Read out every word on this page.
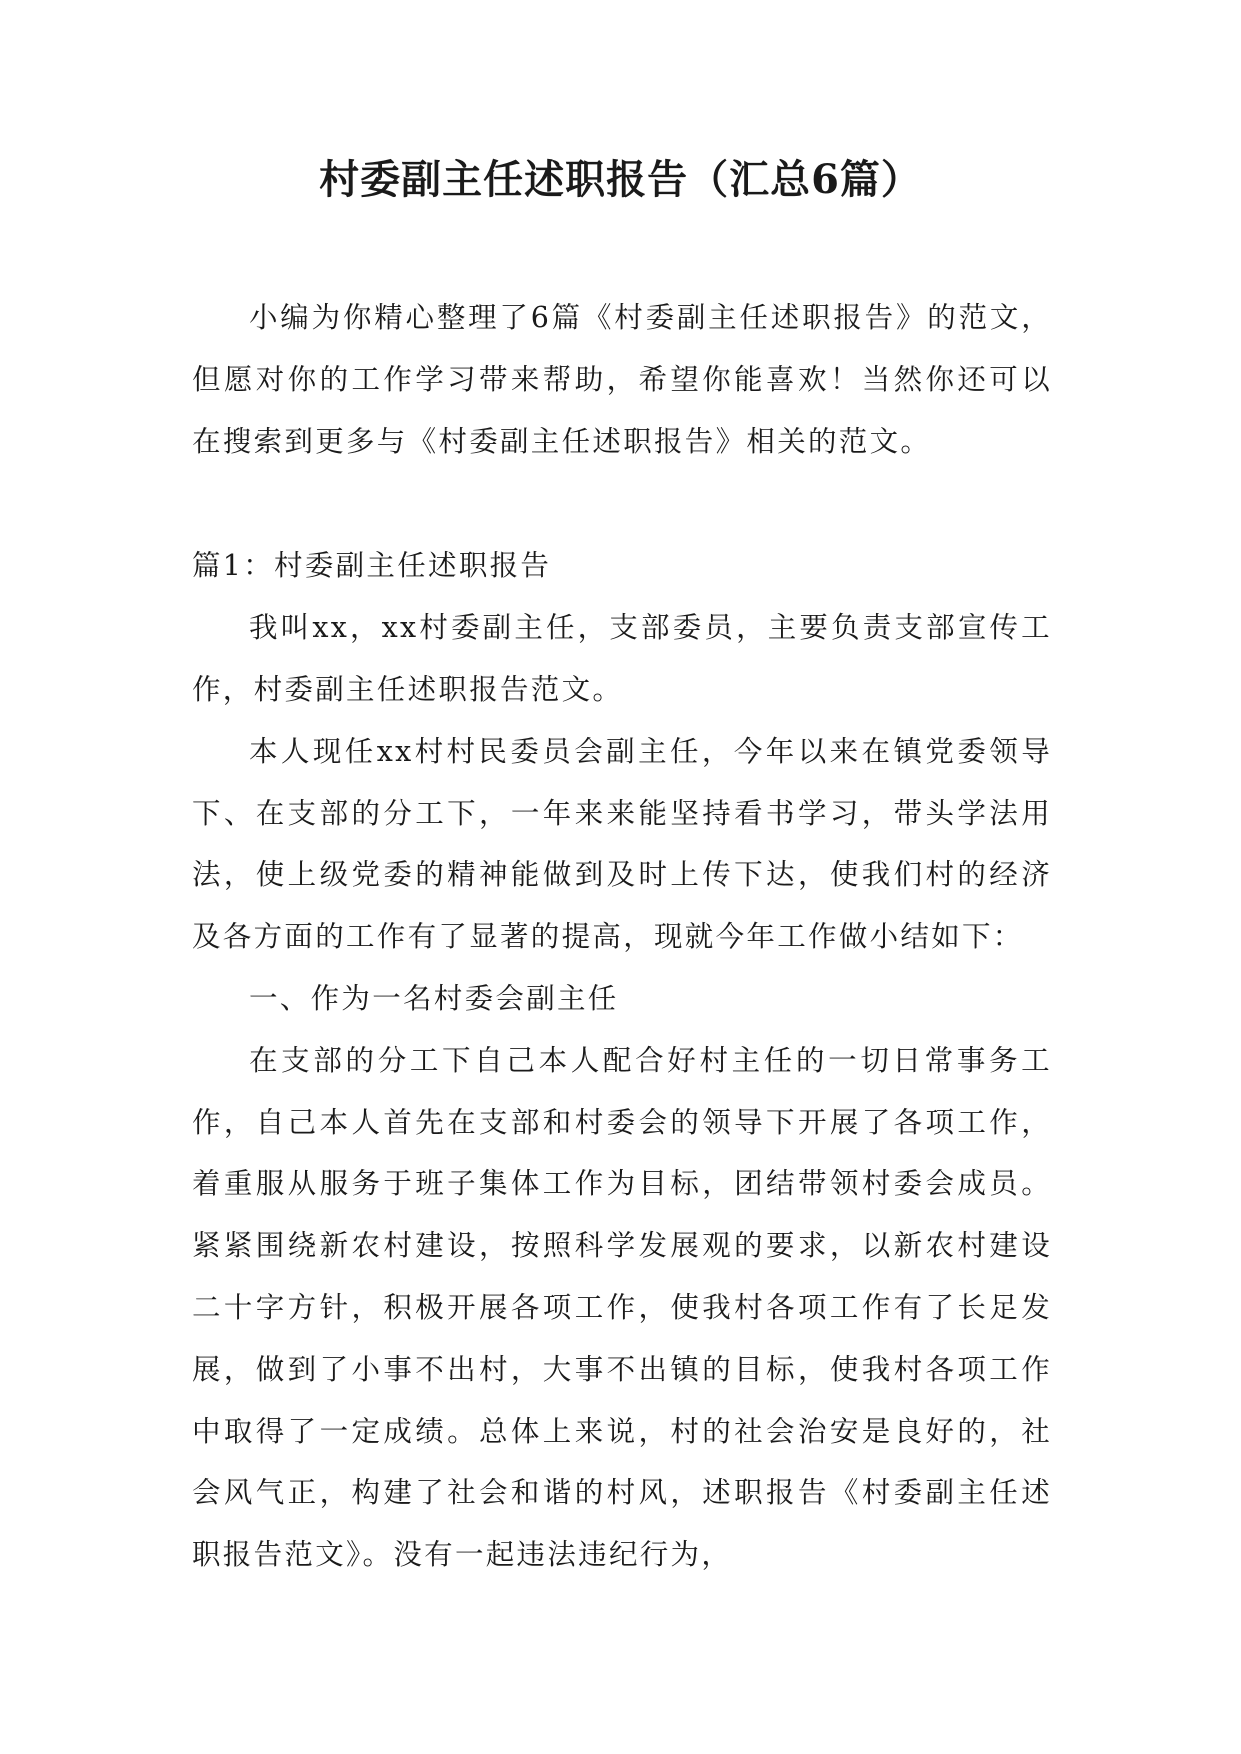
村委副主任述职报告（汇总6篇）

小编为你精心整理了6篇《村委副主任述职报告》的范文，但愿对你的工作学习带来帮助，希望你能喜欢！当然你还可以在搜索到更多与《村委副主任述职报告》相关的范文。

篇1：村委副主任述职报告

我叫xx，xx村委副主任，支部委员，主要负责支部宣传工作，村委副主任述职报告范文。

本人现任xx村村民委员会副主任，今年以来在镇党委领导下、在支部的分工下，一年来来能坚持看书学习，带头学法用法，使上级党委的精神能做到及时上传下达，使我们村的经济及各方面的工作有了显著的提高，现就今年工作做小结如下：

一、作为一名村委会副主任

在支部的分工下自己本人配合好村主任的一切日常事务工作，自己本人首先在支部和村委会的领导下开展了各项工作，着重服从服务于班子集体工作为目标，团结带领村委会成员。紧紧围绕新农村建设，按照科学发展观的要求，以新农村建设二十字方针，积极开展各项工作，使我村各项工作有了长足发展，做到了小事不出村，大事不出镇的目标，使我村各项工作中取得了一定成绩。总体上来说，村的社会治安是良好的，社会风气正，构建了社会和谐的村风，述职报告《村委副主任述职报告范文》。没有一起违法违纪行为，
